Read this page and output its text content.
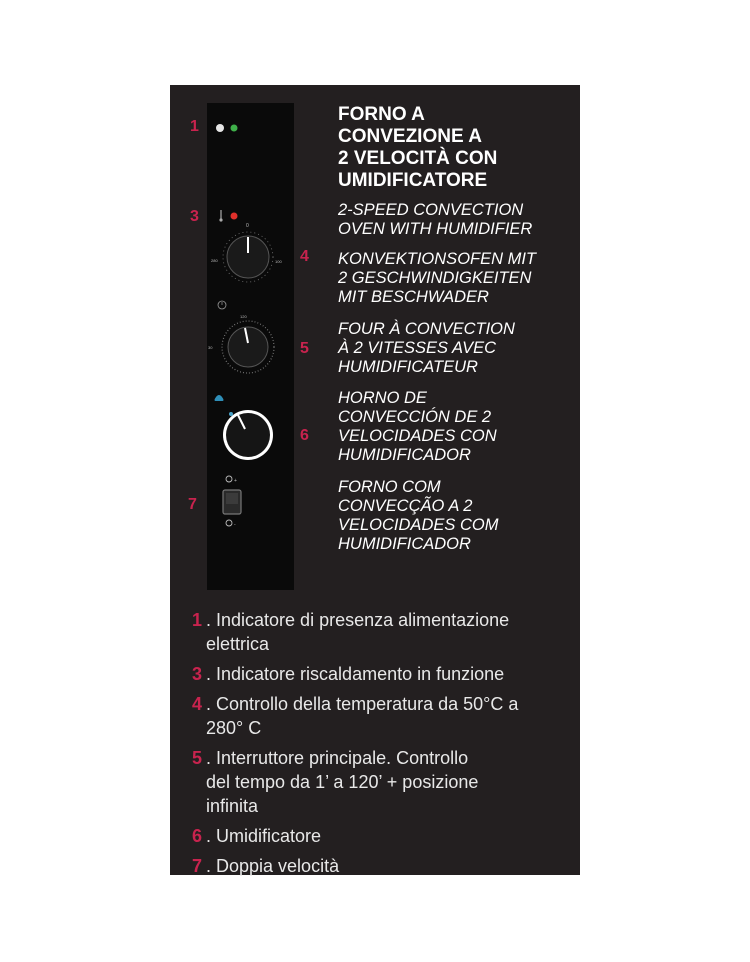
0
280	100
120
30
+
-
1
3
4
5
6
7
FORNO A
CONVEZIONE A
2 VELOCITÀ CON
UMIDIFICATORE
2-SPEED CONVECTION
OVEN WITH HUMIDIFIER
KONVEKTIONSOFEN MIT
2 GESCHWINDIGKEITEN
MIT BESCHWADER
FOUR À CONVECTION
À 2 VITESSES AVEC
HUMIDIFICATEUR
HORNO DE
CONVECCIÓN DE 2
VELOCIDADES CON
HUMIDIFICADOR
FORNO COM
CONVECÇÃO A 2
VELOCIDADES COM
HUMIDIFICADOR
1 . Indicatore di presenza alimentazione
elettrica
3 . Indicatore riscaldamento in funzione
4 . Controllo della temperatura da 50°C a
280° C
5 . Interruttore principale. Controllo
del tempo da 1’ a 120’ + posizione
infinita
6 . Umidificatore
7 . Doppia velocità
